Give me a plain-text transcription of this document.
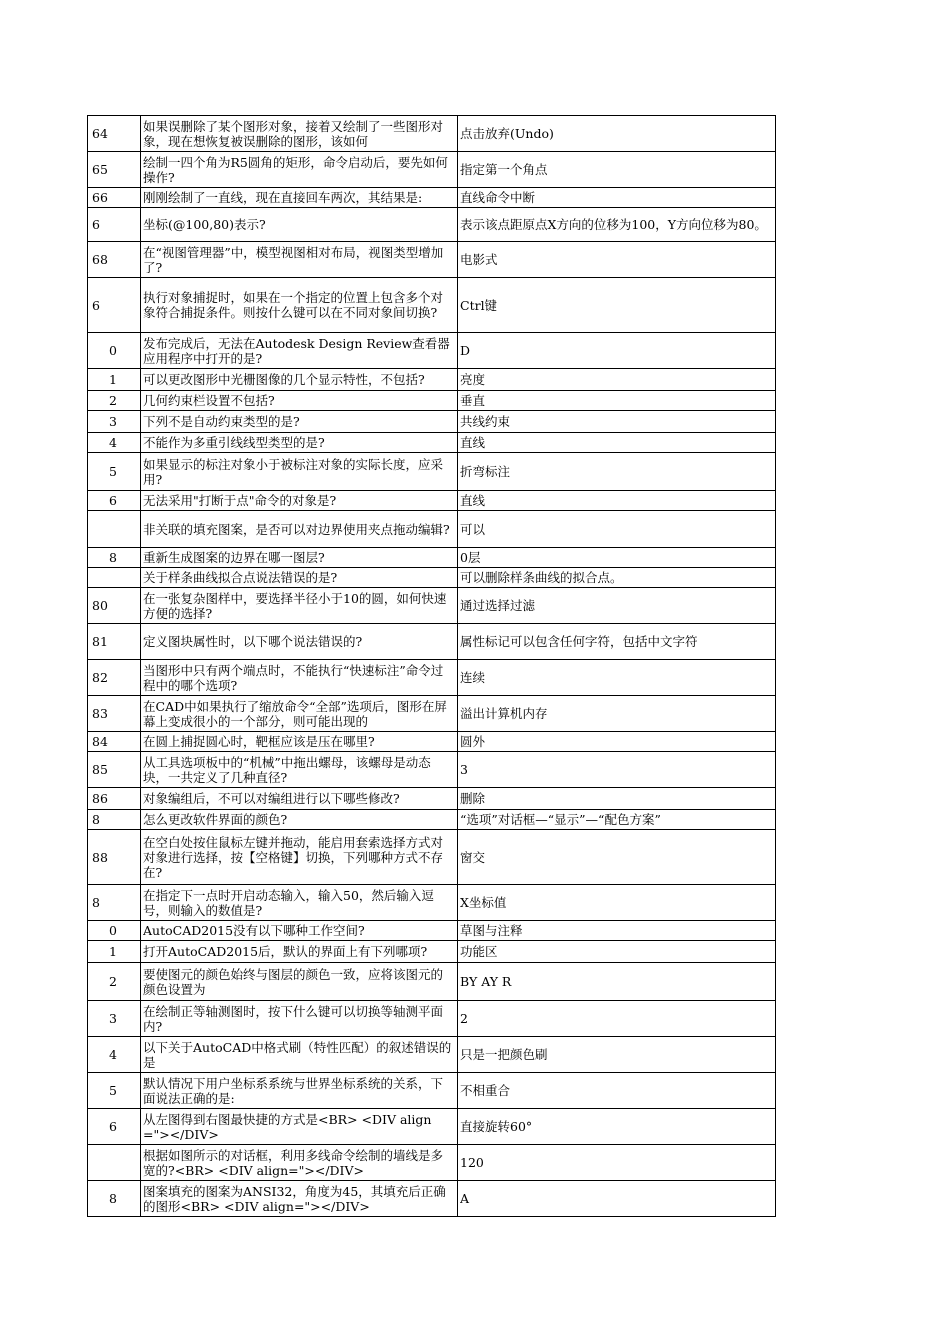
64	如果误删除了某个图形对象，接着又绘制了一些图形对象，现在想恢复被误删除的图形，该如何	点击放弃(Undo)

65	绘制一四个角为R5圆角的矩形，命令启动后，要先如何操作?	指定第一个角点

66	刚刚绘制了一直线，现在直接回车两次，其结果是:	直线命令中断

6	坐标(@100,80)表示?	表示该点距原点X方向的位移为100，Y方向位移为80。

68	在“视图管理器”中，模型视图相对布局，视图类型增加了?	电影式

6	执行对象捕捉时，如果在一个指定的位置上包含多个对象符合捕捉条件。则按什么键可以在不同对象间切换?	Ctrl键

0	发布完成后，无法在Autodesk Design Review查看器应用程序中打开的是?	D

1	可以更改图形中光栅图像的几个显示特性，不包括?	亮度

2	几何约束栏设置不包括?	垂直

3	下列不是自动约束类型的是?	共线约束

4	不能作为多重引线线型类型的是?	直线

5	如果显示的标注对象小于被标注对象的实际长度，应采用?	折弯标注

6	无法采用"打断于点"命令的对象是?	直线

	非关联的填充图案，是否可以对边界使用夹点拖动编辑?	可以

8	重新生成图案的边界在哪一图层?	0层

	关于样条曲线拟合点说法错误的是?	可以删除样条曲线的拟合点。

80	在一张复杂图样中，要选择半径小于10的圆，如何快速方便的选择?	通过选择过滤

81	定义图块属性时，以下哪个说法错误的?	属性标记可以包含任何字符，包括中文字符

82	当图形中只有两个端点时，不能执行“快速标注”命令过程中的哪个选项?	连续

83	在CAD中如果执行了缩放命令“全部”选项后，图形在屏幕上变成很小的一个部分，则可能出现的	溢出计算机内存

84	在圆上捕捉圆心时，靶框应该是压在哪里?	圆外

85	从工具选项板中的“机械”中拖出螺母，该螺母是动态块，一共定义了几种直径?	3

86	对象编组后，不可以对编组进行以下哪些修改?	删除

8	怎么更改软件界面的颜色?	“选项”对话框—“显示”—“配色方案”

88	在空白处按住鼠标左键并拖动，能启用套索选择方式对对象进行选择，按【空格键】切换，下列哪种方式不存在?	窗交

8	在指定下一点时开启动态输入，输入50，然后输入逗号，则输入的数值是?	X坐标值

0	AutoCAD2015没有以下哪种工作空间?	草图与注释

1	打开AutoCAD2015后，默认的界面上有下列哪项?	功能区

2	要使图元的颜色始终与图层的颜色一致，应将该图元的颜色设置为	BY AY R

3	在绘制正等轴测图时，按下什么键可以切换等轴测平面内?	2

4	以下关于AutoCAD中格式刷（特性匹配）的叙述错误的是	只是一把颜色刷

5	默认情况下用户坐标系系统与世界坐标系统的关系，下面说法正确的是:	不相重合

6	从左图得到右图最快捷的方式是<BR> <DIV align="></DIV>	直接旋转60°

	根据如图所示的对话框，利用多线命令绘制的墙线是多宽的?<BR> <DIV align="></DIV>	120

8	图案填充的图案为ANSI32，角度为45，其填充后正确的图形<BR> <DIV align="></DIV>	A
